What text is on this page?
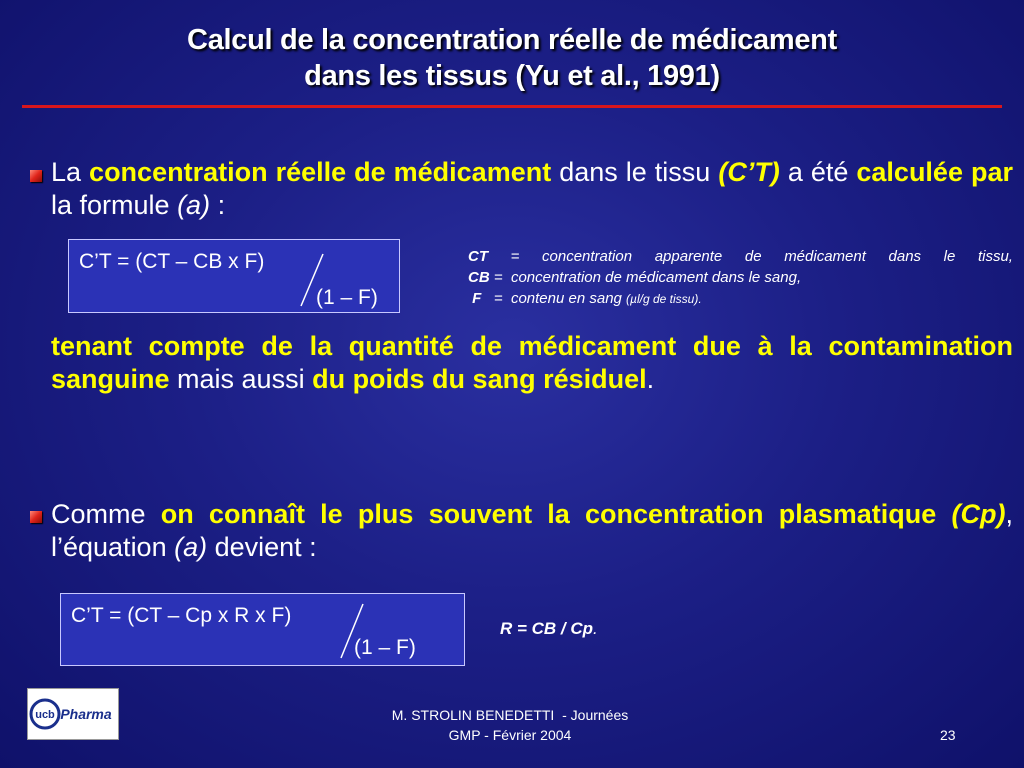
Calcul de la concentration réelle de médicament
dans les tissus (Yu et al., 1991)
La concentration réelle de médicament dans le tissu (C’T) a été calculée par la formule (a) :
C’T = (CT – CB x F)
(1 – F)
CT = concentration apparente de médicament dans le tissu,
CB =  concentration de médicament dans le sang,
F   =  contenu en sang (µl/g de tissu).
tenant compte de la quantité de médicament due à la contamination sanguine mais aussi du poids du sang résiduel.
Comme on connaît le plus souvent la concentration plasmatique (Cp), l’équation (a) devient :
C’T = (CT – Cp x R x F)
(1 – F)
R = CB / Cp.
ucb Pharma	M. STROLIN BENEDETTI  - Journées
GMP - Février 2004	23
